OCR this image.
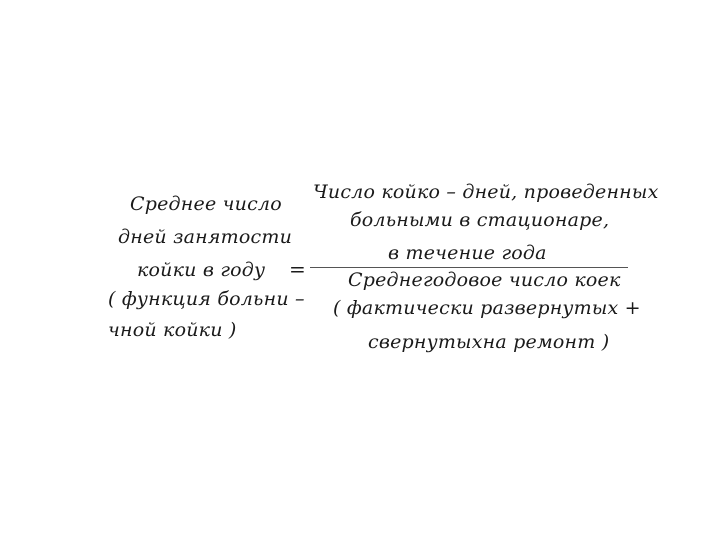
Среднее число
дней занятости
койки в году
( функция больни –
чной койки )
=
Число койко – дней, проведенных
больными в стационаре,
в течение года
Среднегодовое число коек
( фактически развернутых +
свернутыхна ремонт )
